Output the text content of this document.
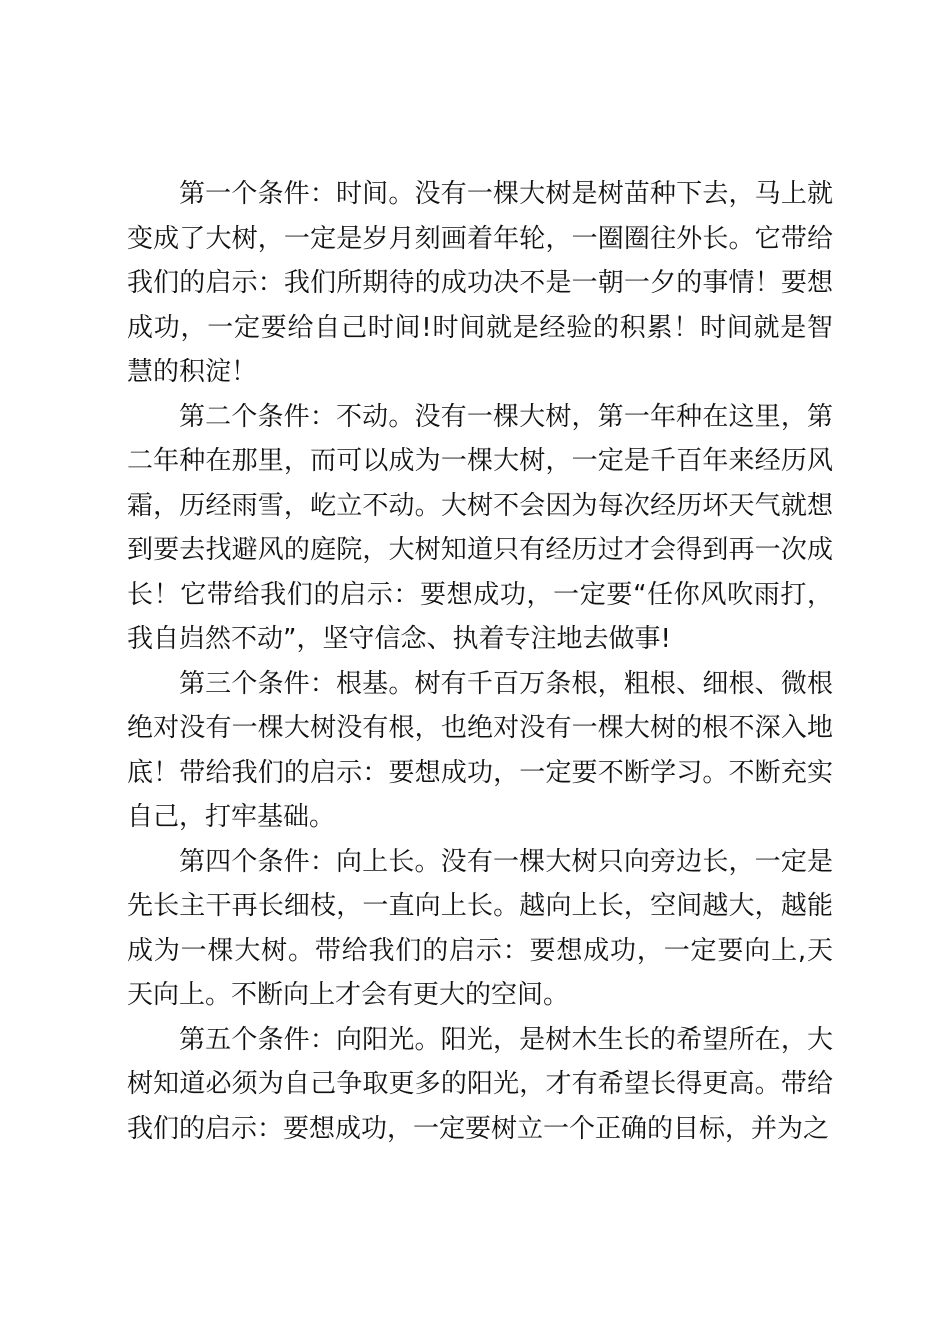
第一个条件：时间。没有一棵大树是树苗种下去，马上就变成了大树，一定是岁月刻画着年轮，一圈圈往外长。它带给我们的启示：我们所期待的成功决不是一朝一夕的事情！要想成功，一定要给自己时间!时间就是经验的积累！时间就是智慧的积淀！

第二个条件：不动。没有一棵大树，第一年种在这里，第二年种在那里，而可以成为一棵大树，一定是千百年来经历风霜，历经雨雪，屹立不动。大树不会因为每次经历坏天气就想到要去找避风的庭院，大树知道只有经历过才会得到再一次成长！它带给我们的启示：要想成功，一定要“任你风吹雨打，我自岿然不动”，坚守信念、执着专注地去做事!

第三个条件：根基。树有千百万条根，粗根、细根、微根绝对没有一棵大树没有根，也绝对没有一棵大树的根不深入地底！带给我们的启示：要想成功，一定要不断学习。不断充实自己，打牢基础。

第四个条件：向上长。没有一棵大树只向旁边长，一定是先长主干再长细枝，一直向上长。越向上长，空间越大，越能成为一棵大树。带给我们的启示：要想成功，一定要向上,天天向上。不断向上才会有更大的空间。

第五个条件：向阳光。阳光，是树木生长的希望所在，大树知道必须为自己争取更多的阳光，才有希望长得更高。带给我们的启示：要想成功，一定要树立一个正确的目标，并为之
